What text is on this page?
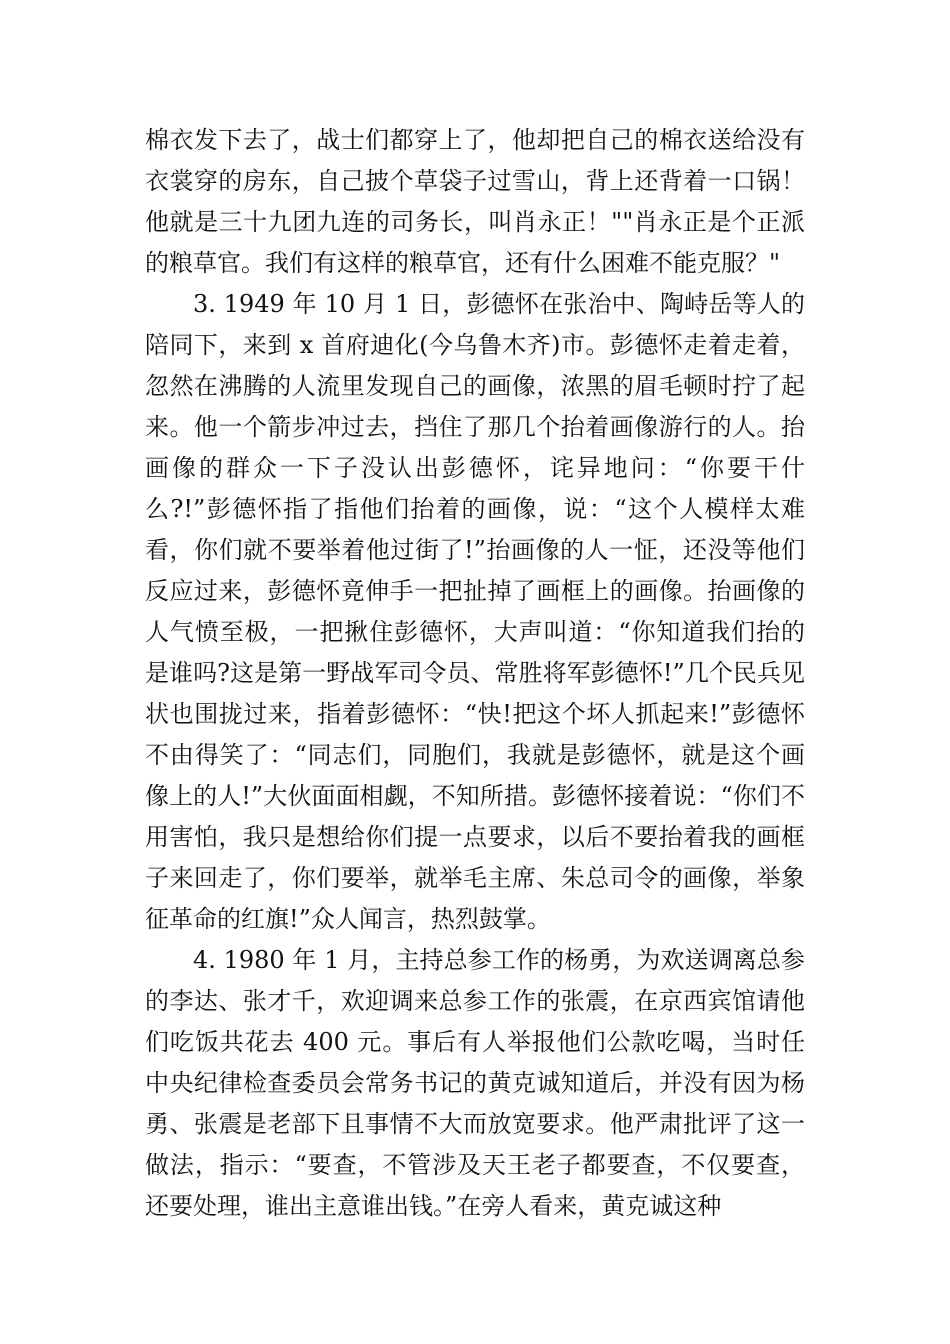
棉衣发下去了，战士们都穿上了，他却把自己的棉衣送给没有衣裳穿的房东，自己披个草袋子过雪山，背上还背着一口锅！他就是三十九团九连的司务长，叫肖永正！""肖永正是个正派的粮草官。我们有这样的粮草官，还有什么困难不能克服？"

3. 1949 年 10 月 1 日，彭德怀在张治中、陶峙岳等人的陪同下，来到 x 首府迪化(今乌鲁木齐)市。彭德怀走着走着，忽然在沸腾的人流里发现自己的画像，浓黑的眉毛顿时拧了起来。他一个箭步冲过去，挡住了那几个抬着画像游行的人。抬画像的群众一下子没认出彭德怀，诧异地问：“你要干什么?!”彭德怀指了指他们抬着的画像，说：“这个人模样太难看，你们就不要举着他过街了!”抬画像的人一怔，还没等他们反应过来，彭德怀竟伸手一把扯掉了画框上的画像。抬画像的人气愤至极，一把揪住彭德怀，大声叫道：“你知道我们抬的是谁吗?这是第一野战军司令员、常胜将军彭德怀!”几个民兵见状也围拢过来，指着彭德怀：“快!把这个坏人抓起来!”彭德怀不由得笑了：“同志们，同胞们，我就是彭德怀，就是这个画像上的人!”大伙面面相觑，不知所措。彭德怀接着说：“你们不用害怕，我只是想给你们提一点要求，以后不要抬着我的画框子来回走了，你们要举，就举毛主席、朱总司令的画像，举象征革命的红旗!”众人闻言，热烈鼓掌。

4. 1980 年 1 月，主持总参工作的杨勇，为欢送调离总参的李达、张才千，欢迎调来总参工作的张震，在京西宾馆请他们吃饭共花去 400 元。事后有人举报他们公款吃喝，当时任中央纪律检查委员会常务书记的黄克诚知道后，并没有因为杨勇、张震是老部下且事情不大而放宽要求。他严肃批评了这一做法，指示：“要查，不管涉及天王老子都要查，不仅要查，还要处理，谁出主意谁出钱。”在旁人看来，黄克诚这种
